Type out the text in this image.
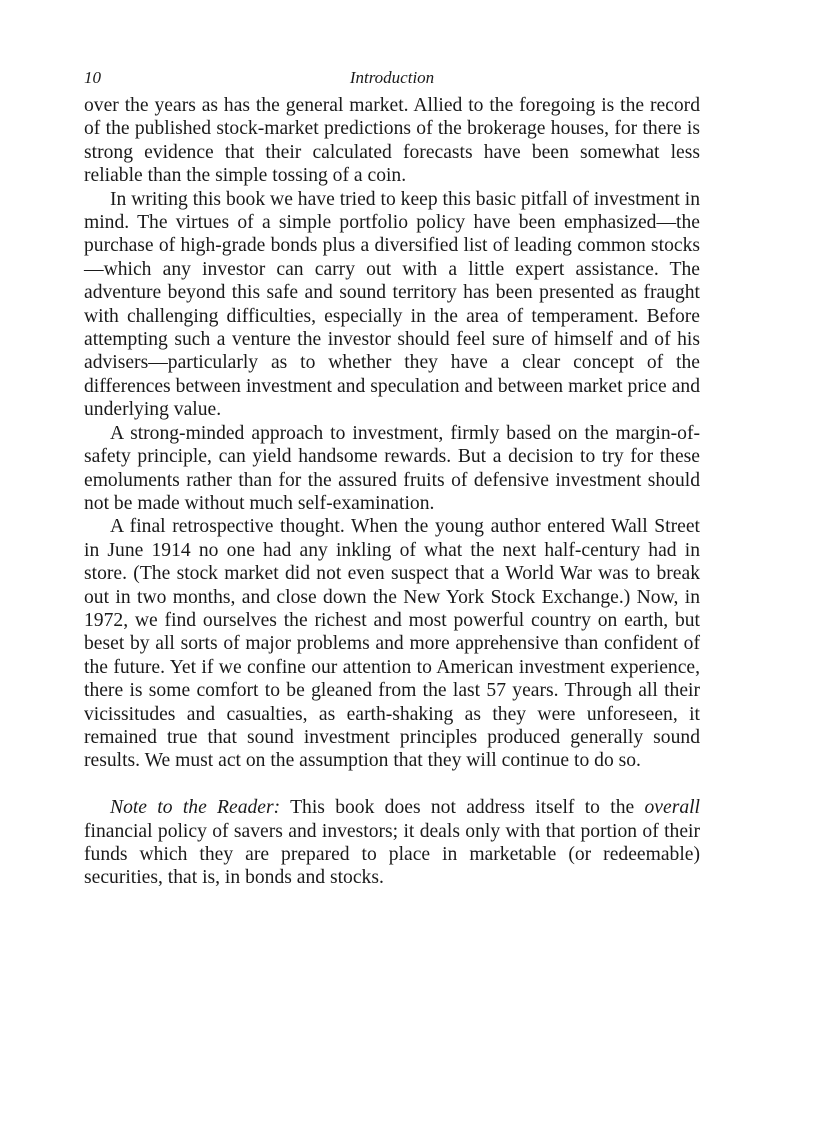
10	Introduction

over the years as has the general market. Allied to the foregoing is the record of the published stock-market predictions of the brokerage houses, for there is strong evidence that their calculated forecasts have been somewhat less reliable than the simple tossing of a coin.

In writing this book we have tried to keep this basic pitfall of investment in mind. The virtues of a simple portfolio policy have been emphasized—the purchase of high-grade bonds plus a diversified list of leading common stocks—which any investor can carry out with a little expert assistance. The adventure beyond this safe and sound territory has been presented as fraught with challenging difficulties, especially in the area of temperament. Before attempting such a venture the investor should feel sure of himself and of his advisers—particularly as to whether they have a clear concept of the differences between investment and speculation and between market price and underlying value.

A strong-minded approach to investment, firmly based on the margin-of-safety principle, can yield handsome rewards. But a decision to try for these emoluments rather than for the assured fruits of defensive investment should not be made without much self-examination.

A final retrospective thought. When the young author entered Wall Street in June 1914 no one had any inkling of what the next half-century had in store. (The stock market did not even suspect that a World War was to break out in two months, and close down the New York Stock Exchange.) Now, in 1972, we find ourselves the richest and most powerful country on earth, but beset by all sorts of major problems and more apprehensive than confident of the future. Yet if we confine our attention to American investment experience, there is some comfort to be gleaned from the last 57 years. Through all their vicissitudes and casualties, as earth-shaking as they were unforeseen, it remained true that sound investment principles produced generally sound results. We must act on the assumption that they will continue to do so.

Note to the Reader: This book does not address itself to the overall financial policy of savers and investors; it deals only with that portion of their funds which they are prepared to place in marketable (or redeemable) securities, that is, in bonds and stocks.
